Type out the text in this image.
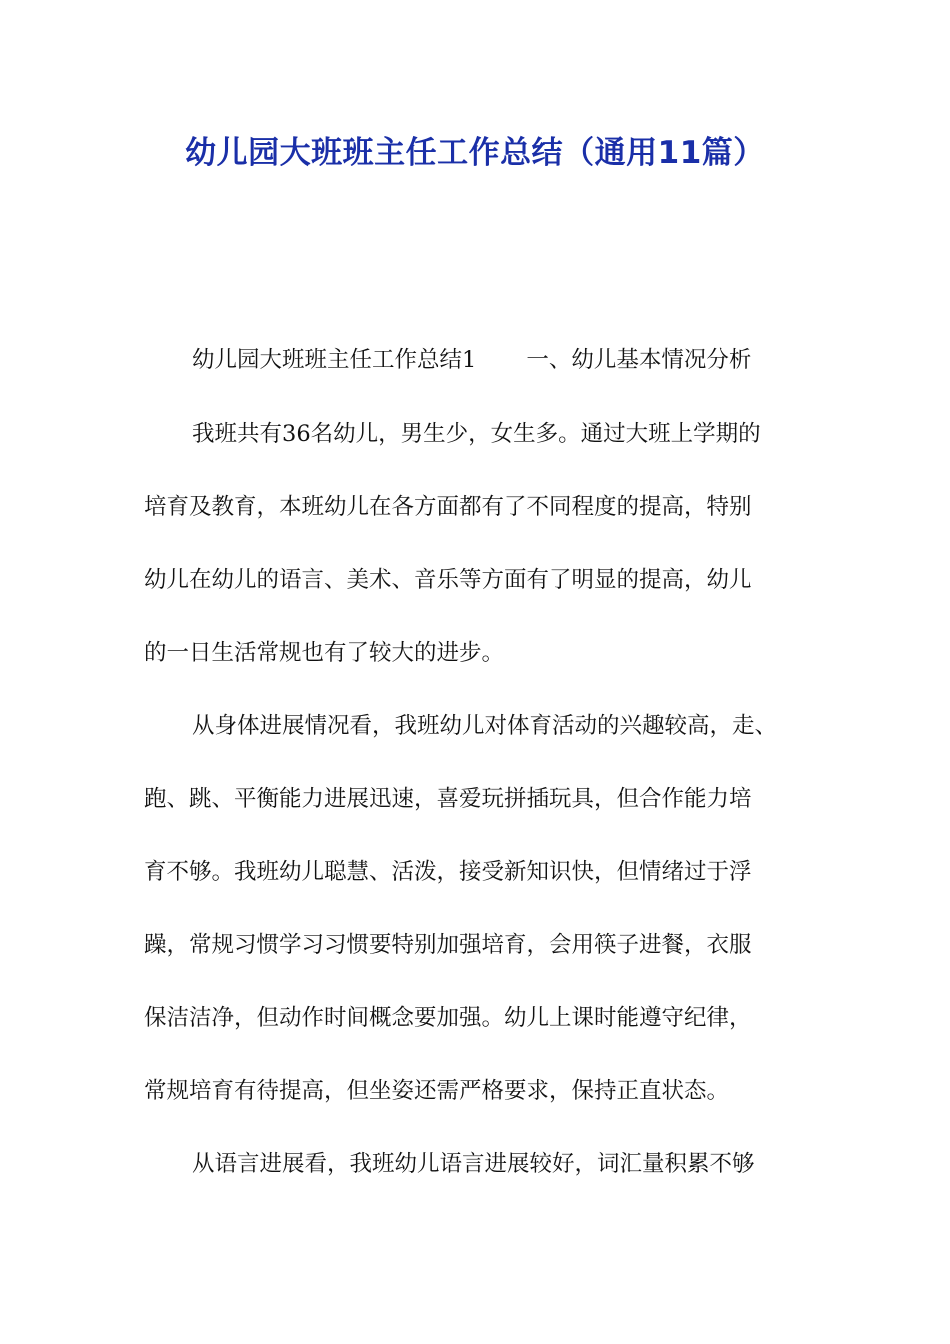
幼儿园大班班主任工作总结（通用11篇）
幼儿园大班班主任工作总结1 一、幼儿基本情况分析
我班共有36名幼儿，男生少，女生多。通过大班上学期的
培育及教育，本班幼儿在各方面都有了不同程度的提高，特别
幼儿在幼儿的语言、美术、音乐等方面有了明显的提高，幼儿
的一日生活常规也有了较大的进步。
从身体进展情况看，我班幼儿对体育活动的兴趣较高，走、
跑、跳、平衡能力进展迅速，喜爱玩拼插玩具，但合作能力培
育不够。我班幼儿聪慧、活泼，接受新知识快，但情绪过于浮
躁，常规习惯学习习惯要特别加强培育，会用筷子进餐，衣服
保洁洁净，但动作时间概念要加强。幼儿上课时能遵守纪律，
常规培育有待提高，但坐姿还需严格要求，保持正直状态。
从语言进展看，我班幼儿语言进展较好，词汇量积累不够
